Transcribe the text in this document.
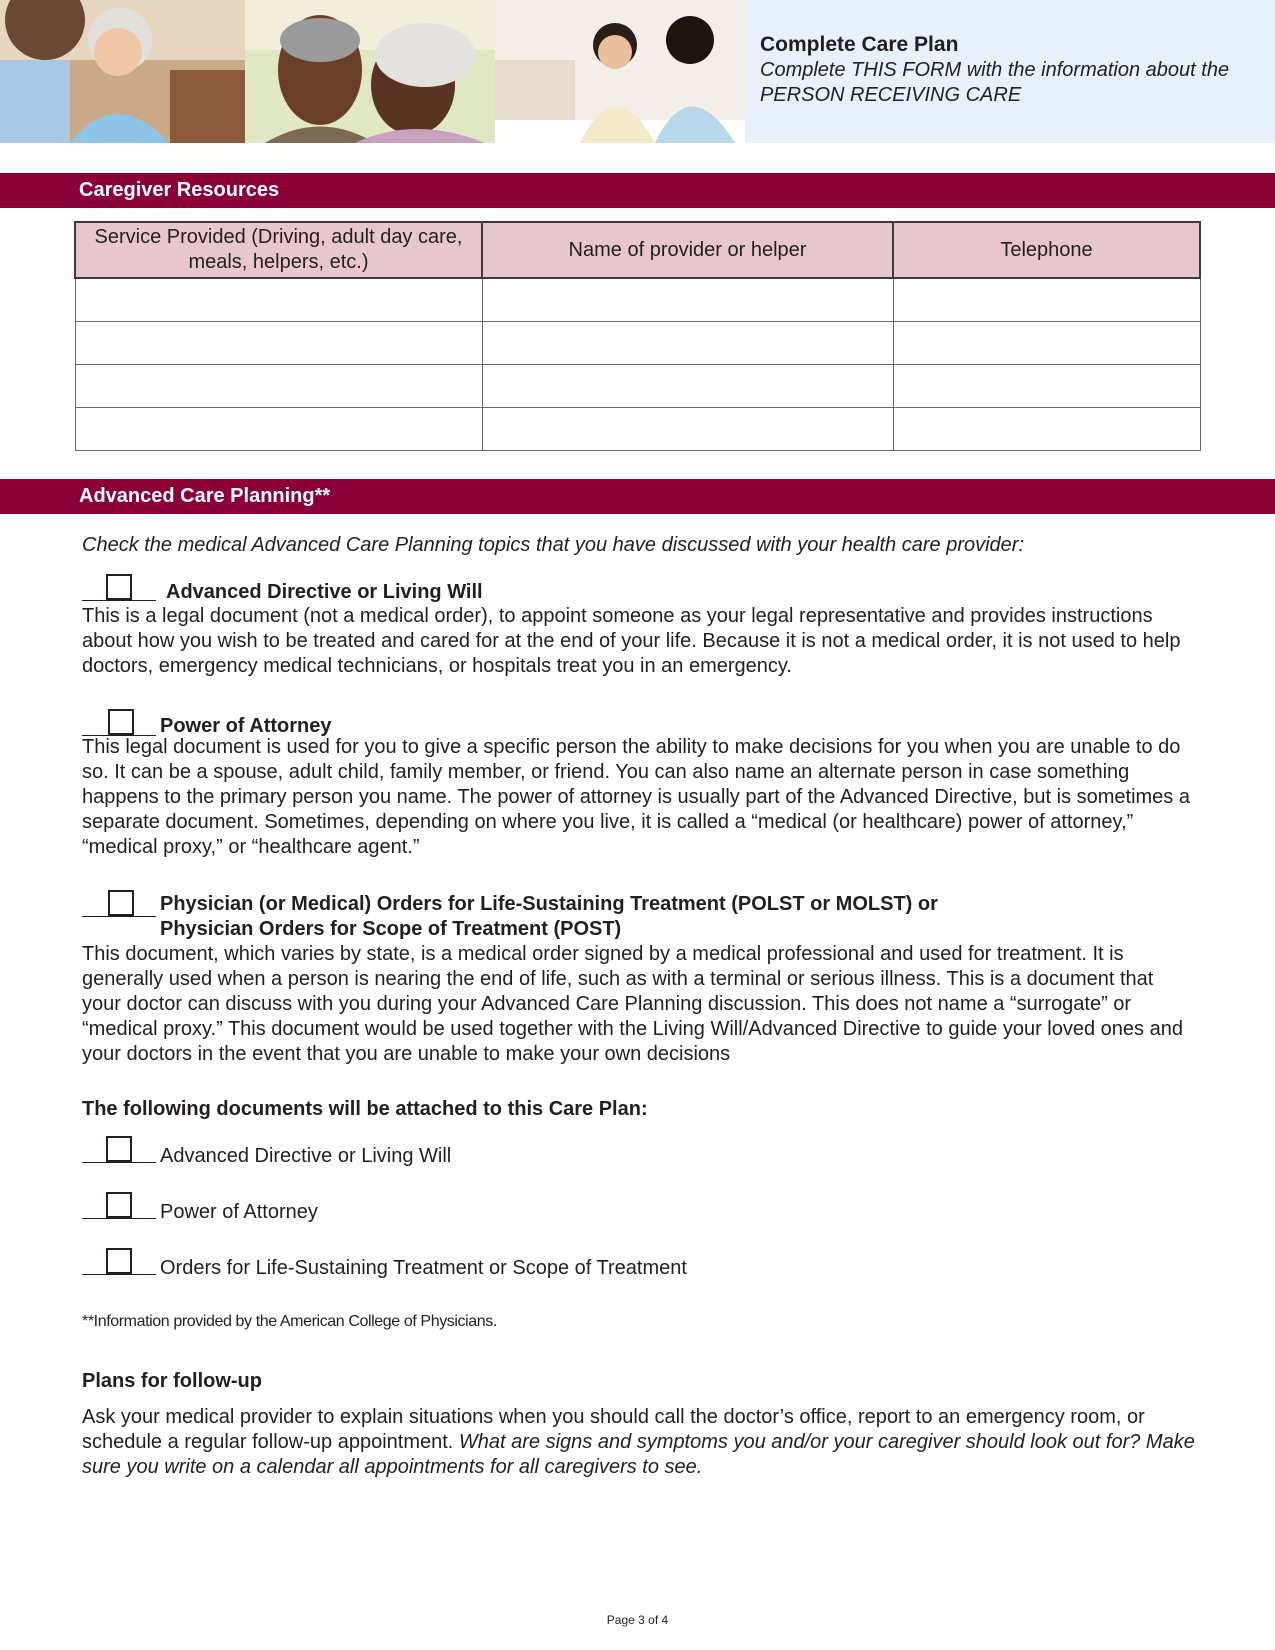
Complete Care Plan
Complete THIS FORM with the information about the PERSON RECEIVING CARE
Caregiver Resources
Service Provided (Driving, adult day care, meals, helpers, etc.)	Name of provider or helper	Telephone

Advanced Care Planning**
Check the medical Advanced Care Planning topics that you have discussed with your health care provider:
Advanced Directive or Living Will
This is a legal document (not a medical order), to appoint someone as your legal representative and provides instructions about how you wish to be treated and cared for at the end of your life. Because it is not a medical order, it is not used to help doctors, emergency medical technicians, or hospitals treat you in an emergency.
Power of Attorney
This legal document is used for you to give a specific person the ability to make decisions for you when you are unable to do so. It can be a spouse, adult child, family member, or friend. You can also name an alternate person in case something happens to the primary person you name. The power of attorney is usually part of the Advanced Directive, but is sometimes a separate document. Sometimes, depending on where you live, it is called a “medical (or healthcare) power of attorney,” “medical proxy,” or “healthcare agent.”
Physician (or Medical) Orders for Life-Sustaining Treatment (POLST or MOLST) or
Physician Orders for Scope of Treatment (POST)
This document, which varies by state, is a medical order signed by a medical professional and used for treatment. It is generally used when a person is nearing the end of life, such as with a terminal or serious illness. This is a document that your doctor can discuss with you during your Advanced Care Planning discussion. This does not name a “surrogate” or “medical proxy.” This document would be used together with the Living Will/Advanced Directive to guide your loved ones and your doctors in the event that you are unable to make your own decisions
The following documents will be attached to this Care Plan:
Advanced Directive or Living Will
Power of Attorney
Orders for Life-Sustaining Treatment or Scope of Treatment
**Information provided by the American College of Physicians.
Plans for follow-up
Ask your medical provider to explain situations when you should call the doctor’s office, report to an emergency room, or schedule a regular follow-up appointment. What are signs and symptoms you and/or your caregiver should look out for? Make sure you write on a calendar all appointments for all caregivers to see.
Page 3 of 4
